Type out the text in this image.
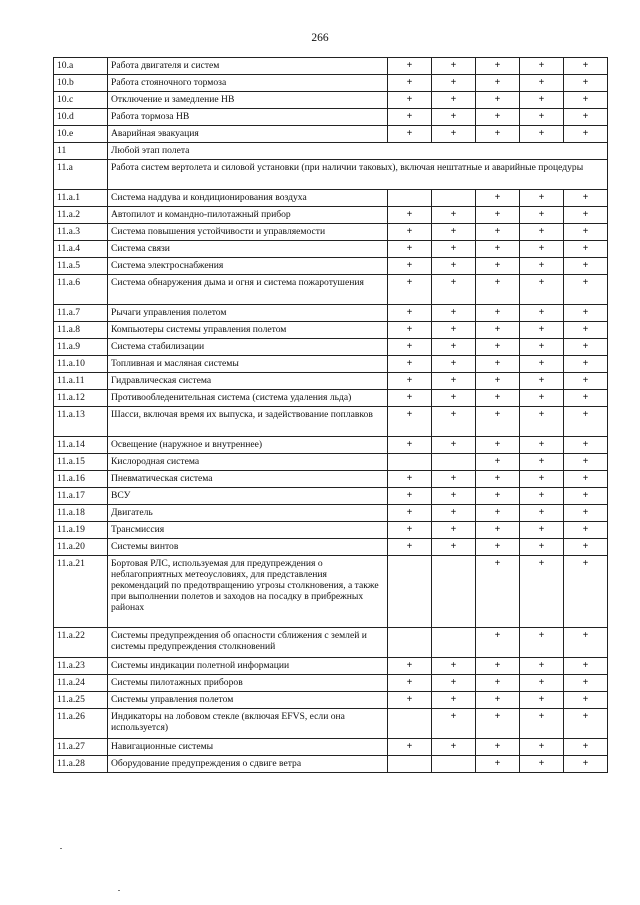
266
10.a	Работа двигателя и систем	+	+	+	+	+
10.b	Работа стояночного тормоза	+	+	+	+	+
10.c	Отключение и замедление НВ	+	+	+	+	+
10.d	Работа тормоза НВ	+	+	+	+	+
10.e	Аварийная эвакуация	+	+	+	+	+
11	Любой этап полета					
11.a	Работа систем вертолета и силовой установки (при наличии таковых), включая нештатные и аварийные процедуры					
11.a.1	Система наддува и кондиционирования воздуха			+	+	+
11.a.2	Автопилот и командно-пилотажный прибор	+	+	+	+	+
11.a.3	Система повышения устойчивости и управляемости	+	+	+	+	+
11.a.4	Система связи	+	+	+	+	+
11.a.5	Система электроснабжения	+	+	+	+	+
11.a.6	Система обнаружения дыма и огня и система пожаротушения	+	+	+	+	+
11.a.7	Рычаги управления полетом	+	+	+	+	+
11.a.8	Компьютеры системы управления полетом	+	+	+	+	+
11.a.9	Система стабилизации	+	+	+	+	+
11.a.10	Топливная и масляная системы	+	+	+	+	+
11.a.11	Гидравлическая система	+	+	+	+	+
11.a.12	Противообледенительная система (система удаления льда)	+	+	+	+	+
11.a.13	Шасси, включая время их выпуска, и задействование поплавков	+	+	+	+	+
11.a.14	Освещение (наружное и внутреннее)	+	+	+	+	+
11.a.15	Кислородная система			+	+	+
11.a.16	Пневматическая система	+	+	+	+	+
11.a.17	ВСУ	+	+	+	+	+
11.a.18	Двигатель	+	+	+	+	+
11.a.19	Трансмиссия	+	+	+	+	+
11.a.20	Системы винтов	+	+	+	+	+
11.a.21	Бортовая РЛС, используемая для предупреждения о неблагоприятных метеоусловиях, для представления рекомендаций по предотвращению угрозы столкновения, а также при выполнении полетов и заходов на посадку в прибрежных районах			+	+	+
11.a.22	Системы предупреждения об опасности сближения с землей и системы предупреждения столкновений			+	+	+
11.a.23	Системы индикации полетной информации	+	+	+	+	+
11.a.24	Системы пилотажных приборов	+	+	+	+	+
11.a.25	Системы управления полетом	+	+	+	+	+
11.a.26	Индикаторы на лобовом стекле (включая EFVS, если она используется)		+	+	+	+
11.a.27	Навигационные системы	+	+	+	+	+
11.a.28	Оборудование предупреждения о сдвиге ветра			+	+	+
